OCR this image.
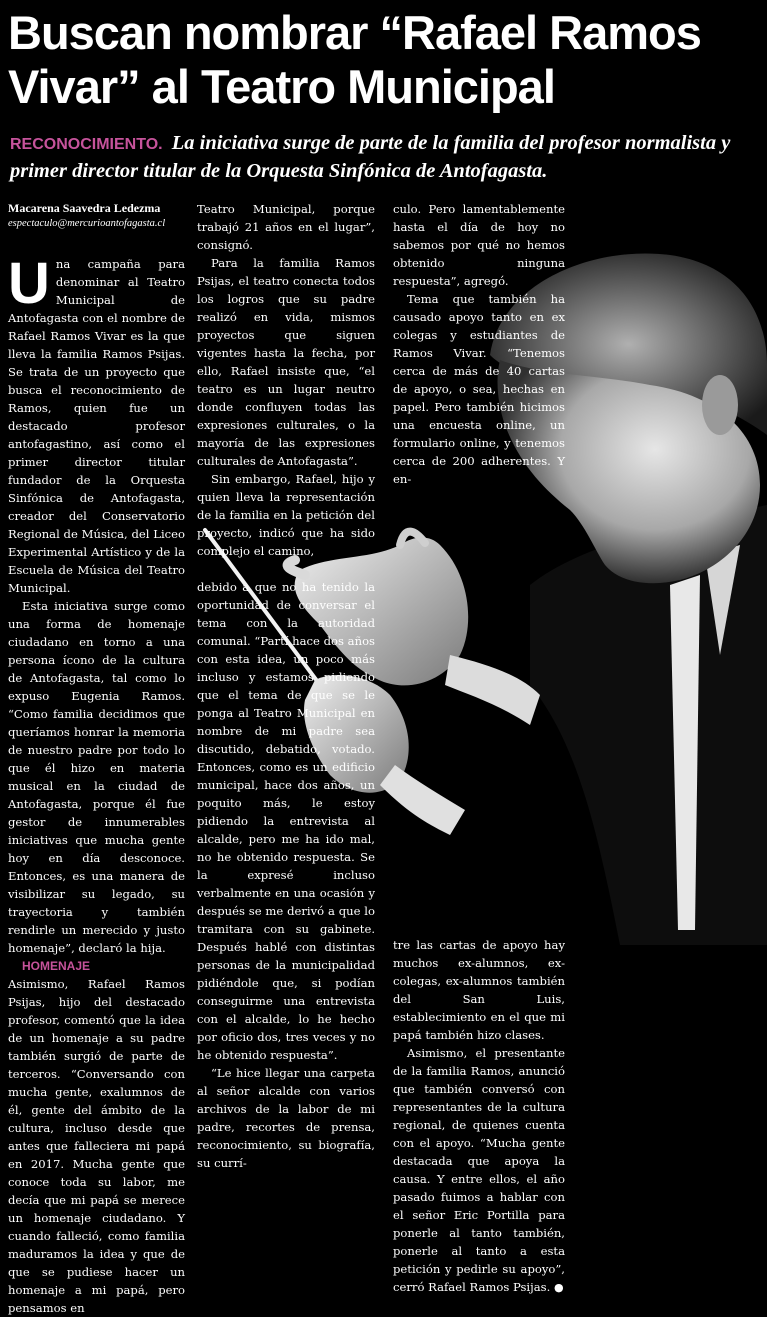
Buscan nombrar “Rafael Ramos Vivar” al Teatro Municipal

RECONOCIMIENTO. La iniciativa surge de parte de la familia del profesor normalista y primer director titular de la Orquesta Sinfónica de Antofagasta.

Macarena Saavedra Ledezma
espectaculo@mercurioantofagasta.cl

Una campaña para denominar al Teatro Municipal de Antofagasta con el nombre de Rafael Ramos Vivar es la que lleva la familia Ramos Psijas. Se trata de un proyecto que busca el reconocimiento de Ramos, quien fue un destacado profesor antofagastino, así como el primer director titular fundador de la Orquesta Sinfónica de Antofagasta, creador del Conservatorio Regional de Música, del Liceo Experimental Artístico y de la Escuela de Música del Teatro Municipal.

Esta iniciativa surge como una forma de homenaje ciudadano en torno a una persona ícono de la cultura de Antofagasta, tal como lo expuso Eugenia Ramos. “Como familia decidimos que queríamos honrar la memoria de nuestro padre por todo lo que él hizo en materia musical en la ciudad de Antofagasta, porque él fue gestor de innumerables iniciativas que mucha gente hoy en día desconoce. Entonces, es una manera de visibilizar su legado, su trayectoria y también rendirle un merecido y justo homenaje”, declaró la hija.

HOMENAJE

Asimismo, Rafael Ramos Psijas, hijo del destacado profesor, comentó que la idea de un homenaje a su padre también surgió de parte de terceros. “Conversando con mucha gente, exalumnos de él, gente del ámbito de la cultura, incluso desde que antes que falleciera mi papá en 2017. Mucha gente que conoce toda su labor, me decía que mi papá se merece un homenaje ciudadano. Y cuando falleció, como familia maduramos la idea y que de que se pudiese hacer un homenaje a mi papá, pero pensamos en

Teatro Municipal, porque trabajó 21 años en el lugar”, consignó.

Para la familia Ramos Psijas, el teatro conecta todos los logros que su padre realizó en vida, mismos proyectos que siguen vigentes hasta la fecha, por ello, Rafael insiste que, “el teatro es un lugar neutro donde confluyen todas las expresiones culturales, o la mayoría de las expresiones culturales de Antofagasta”.

Sin embargo, Rafael, hijo y quien lleva la representación de la familia en la petición del proyecto, indicó que ha sido complejo el camino,

debido a que no ha tenido la oportunidad de conversar el tema con la autoridad comunal. “Partí hace dos años con esta idea, un poco más incluso y estamos pidiendo que el tema de que se le ponga al Teatro Municipal en nombre de mi padre sea discutido, debatido, votado. Entonces, como es un edificio municipal, hace dos años, un poquito más, le estoy pidiendo la entrevista al alcalde, pero me ha ido mal, no he obtenido respuesta. Se la expresé incluso verbalmente en una ocasión y después se me derivó a que lo tramitara con su gabinete. Después hablé con distintas personas de la municipalidad pidiéndole que, si podían conseguirme una entrevista con el alcalde, lo he hecho por oficio dos, tres veces y no he obtenido respuesta”.

“Le hice llegar una carpeta al señor alcalde con varios archivos de la labor de mi padre, recortes de prensa, reconocimiento, su biografía, su currí-

culo. Pero lamentablemente hasta el día de hoy no sabemos por qué no hemos obtenido ninguna respuesta”, agregó.

Tema que también ha causado apoyo tanto en ex colegas y estudiantes de Ramos Vivar. “Tenemos cerca de más de 40 cartas de apoyo, o sea, hechas en papel. Pero también hicimos una encuesta online, un formulario online, y tenemos cerca de 200 adherentes. Y en-

tre las cartas de apoyo hay muchos ex-alumnos, ex-colegas, ex-alumnos también del San Luis, establecimiento en el que mi papá también hizo clases.

Asimismo, el presentante de la familia Ramos, anunció que también conversó con representantes de la cultura regional, de quienes cuenta con el apoyo. “Mucha gente destacada que apoya la causa. Y entre ellos, el año pasado fuimos a hablar con el señor Eric Portilla para ponerle al tanto también, ponerle al tanto a esta petición y pedirle su apoyo”, cerró Rafael Ramos Psijas. ●
